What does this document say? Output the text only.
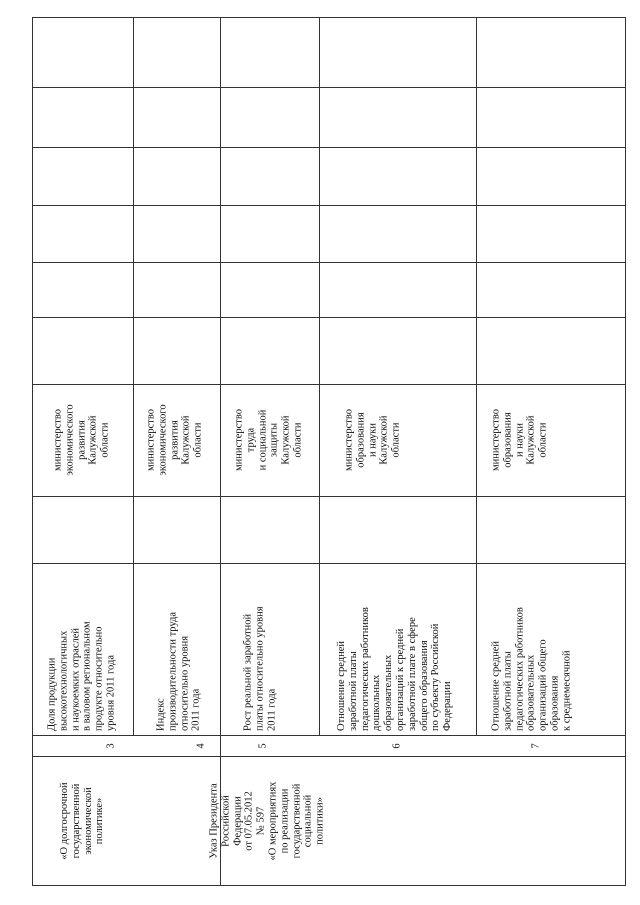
«О долгосрочной
государственной
экономической
политике»
3
Доля продукции
высокотехнологичных
и наукоемких отраслей
в валовом региональном
продукте относительно
уровня 2011 года
министерство
экономического
развития
Калужской
области
4
Индекс
производительности труда
относительно уровня
2011 года
министерство
экономического
развития
Калужской
области
Указ Президента
Российской
Федерации
от 07.05.2012
№ 597
«О мероприятиях
по реализации
государственной
социальной
политики»
5
Рост реальной заработной
платы относительно уровня
2011 года
министерство
труда
и социальной
защиты
Калужской
области
6
Отношение средней
заработной платы
педагогических работников
дошкольных
образовательных
организаций к средней
заработной плате в сфере
общего образования
по субъекту Российской
Федерации
министерство
образования
и науки
Калужской
области
7
Отношение средней
заработной платы
педагогических работников
образовательных
организаций общего
образования
к среднемесячной
министерство
образования
и науки
Калужской
области
